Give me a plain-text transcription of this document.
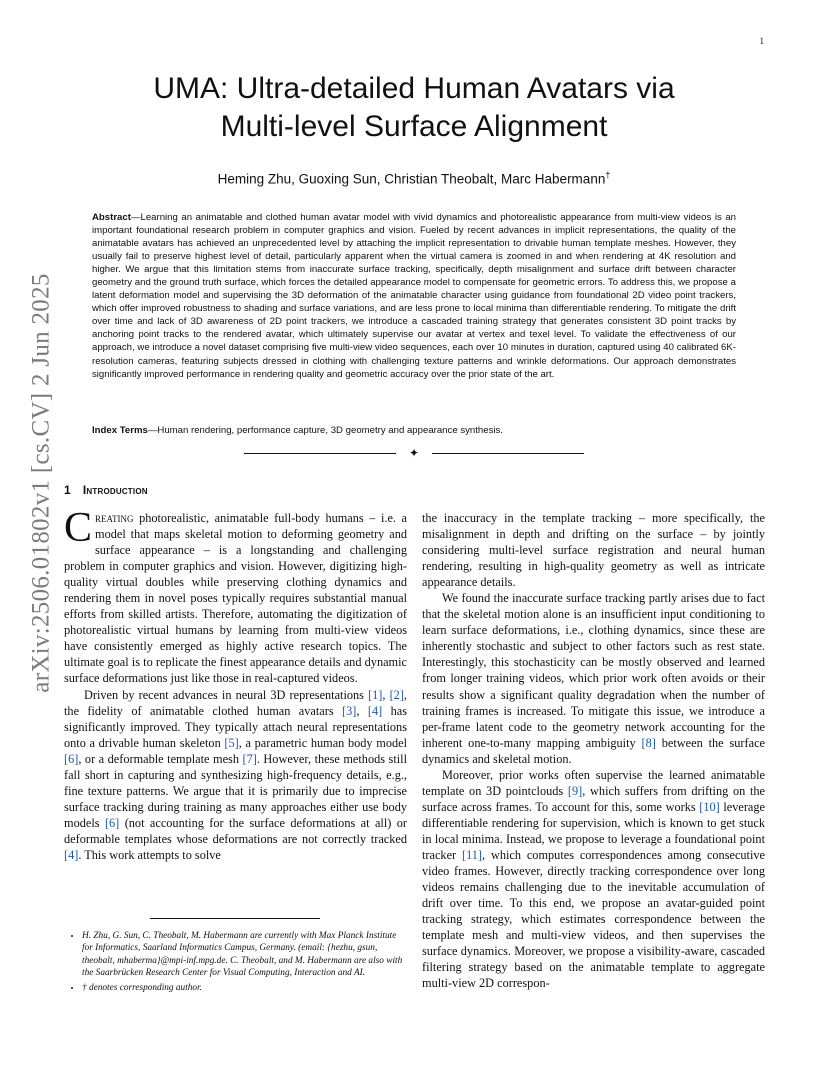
1
arXiv:2506.01802v1 [cs.CV] 2 Jun 2025
UMA: Ultra-detailed Human Avatars via
Multi-level Surface Alignment
Heming Zhu, Guoxing Sun, Christian Theobalt, Marc Habermann†
Abstract—Learning an animatable and clothed human avatar model with vivid dynamics and photorealistic appearance from multi-view videos is an important foundational research problem in computer graphics and vision. Fueled by recent advances in implicit representations, the quality of the animatable avatars has achieved an unprecedented level by attaching the implicit representation to drivable human template meshes. However, they usually fail to preserve highest level of detail, particularly apparent when the virtual camera is zoomed in and when rendering at 4K resolution and higher. We argue that this limitation stems from inaccurate surface tracking, specifically, depth misalignment and surface drift between character geometry and the ground truth surface, which forces the detailed appearance model to compensate for geometric errors. To address this, we propose a latent deformation model and supervising the 3D deformation of the animatable character using guidance from foundational 2D video point trackers, which offer improved robustness to shading and surface variations, and are less prone to local minima than differentiable rendering. To mitigate the drift over time and lack of 3D awareness of 2D point trackers, we introduce a cascaded training strategy that generates consistent 3D point tracks by anchoring point tracks to the rendered avatar, which ultimately supervise our avatar at vertex and texel level. To validate the effectiveness of our approach, we introduce a novel dataset comprising five multi-view video sequences, each over 10 minutes in duration, captured using 40 calibrated 6K-resolution cameras, featuring subjects dressed in clothing with challenging texture patterns and wrinkle deformations. Our approach demonstrates significantly improved performance in rendering quality and geometric accuracy over the prior state of the art.
Index Terms—Human rendering, performance capture, 3D geometry and appearance synthesis.
✦
1 Introduction

Creating photorealistic, animatable full-body humans – i.e. a model that maps skeletal motion to deforming geometry and surface appearance – is a longstanding and challenging problem in computer graphics and vision. However, digitizing high-quality virtual doubles while preserving clothing dynamics and rendering them in novel poses typically requires substantial manual efforts from skilled artists. Therefore, automating the digitization of photorealistic virtual humans by learning from multi-view videos have consistently emerged as highly active research topics. The ultimate goal is to replicate the finest appearance details and dynamic surface deformations just like those in real-captured videos.

Driven by recent advances in neural 3D representations [1], [2], the fidelity of animatable clothed human avatars [3], [4] has significantly improved. They typically attach neural representations onto a drivable human skeleton [5], a parametric human body model [6], or a deformable template mesh [7]. However, these methods still fall short in capturing and synthesizing high-frequency details, e.g., fine texture patterns. We argue that it is primarily due to imprecise surface tracking during training as many approaches either use body models [6] (not accounting for the surface deformations at all) or deformable templates whose deformations are not correctly tracked [4]. This work attempts to solve

• H. Zhu, G. Sun, C. Theobalt, M. Habermann are currently with Max Planck Institute for Informatics, Saarland Informatics Campus, Germany. (email: {hezhu, gsun, theobalt, mhaberma}@mpi-inf.mpg.de. C. Theobalt, and M. Habermann are also with the Saarbrücken Research Center for Visual Computing, Interaction and AI.
• † denotes corresponding author.

the inaccuracy in the template tracking – more specifically, the misalignment in depth and drifting on the surface – by jointly considering multi-level surface registration and neural human rendering, resulting in high-quality geometry as well as intricate appearance details.

We found the inaccurate surface tracking partly arises due to fact that the skeletal motion alone is an insufficient input conditioning to learn surface deformations, i.e., clothing dynamics, since these are inherently stochastic and subject to other factors such as rest state. Interestingly, this stochasticity can be mostly observed and learned from longer training videos, which prior work often avoids or their results show a significant quality degradation when the number of training frames is increased. To mitigate this issue, we introduce a per-frame latent code to the geometry network accounting for the inherent one-to-many mapping ambiguity [8] between the surface dynamics and skeletal motion.

Moreover, prior works often supervise the learned animatable template on 3D pointclouds [9], which suffers from drifting on the surface across frames. To account for this, some works [10] leverage differentiable rendering for supervision, which is known to get stuck in local minima. Instead, we propose to leverage a foundational point tracker [11], which computes correspondences among consecutive video frames. However, directly tracking correspondence over long videos remains challenging due to the inevitable accumulation of drift over time. To this end, we propose an avatar-guided point tracking strategy, which estimates correspondence between the template mesh and multi-view videos, and then supervises the surface dynamics. Moreover, we propose a visibility-aware, cascaded filtering strategy based on the animatable template to aggregate multi-view 2D correspon-
